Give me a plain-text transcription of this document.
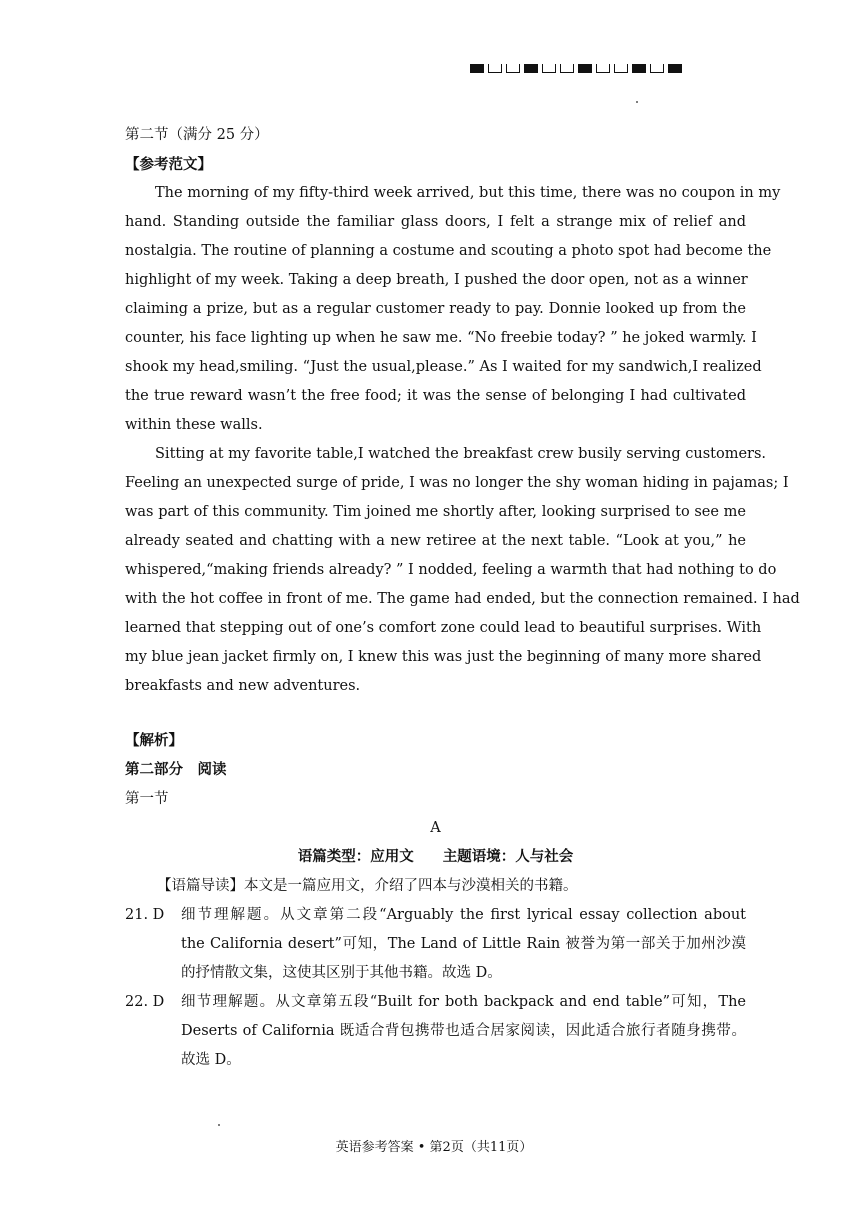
第二节（满分 25 分）
【参考范文】
The morning of my fifty-third week arrived, but this time, there was no coupon in my
hand. Standing outside the familiar glass doors, I felt a strange mix of relief and
nostalgia. The routine of planning a costume and scouting a photo spot had become the
highlight of my week. Taking a deep breath, I pushed the door open, not as a winner
claiming a prize, but as a regular customer ready to pay. Donnie looked up from the
counter, his face lighting up when he saw me. “No freebie today? ” he joked warmly. I
shook my head,smiling. “Just the usual,please.” As I waited for my sandwich,I realized
the true reward wasn’t the free food; it was the sense of belonging I had cultivated
within these walls.
Sitting at my favorite table,I watched the breakfast crew busily serving customers.
Feeling an unexpected surge of pride, I was no longer the shy woman hiding in pajamas; I
was part of this community. Tim joined me shortly after, looking surprised to see me
already seated and chatting with a new retiree at the next table. “Look at you,” he
whispered,“making friends already? ” I nodded, feeling a warmth that had nothing to do
with the hot coffee in front of me. The game had ended, but the connection remained. I had
learned that stepping out of one’s comfort zone could lead to beautiful surprises. With
my blue jean jacket firmly on, I knew this was just the beginning of many more shared
breakfasts and new adventures.
【解析】
第二部分　阅读
第一节
A
语篇类型：应用文　　主题语境：人与社会
【语篇导读】本文是一篇应用文，介绍了四本与沙漠相关的书籍。
21. D	细节理解题。从文章第二段“Arguably the first lyrical essay collection about
the California desert”可知，The Land of Little Rain 被誉为第一部关于加州沙漠
的抒情散文集，这使其区别于其他书籍。故选 D。
22. D	细节理解题。从文章第五段“Built for both backpack and end table”可知，The
Deserts of California 既适合背包携带也适合居家阅读，因此适合旅行者随身携带。
故选 D。
英语参考答案 • 第2页（共11页）
